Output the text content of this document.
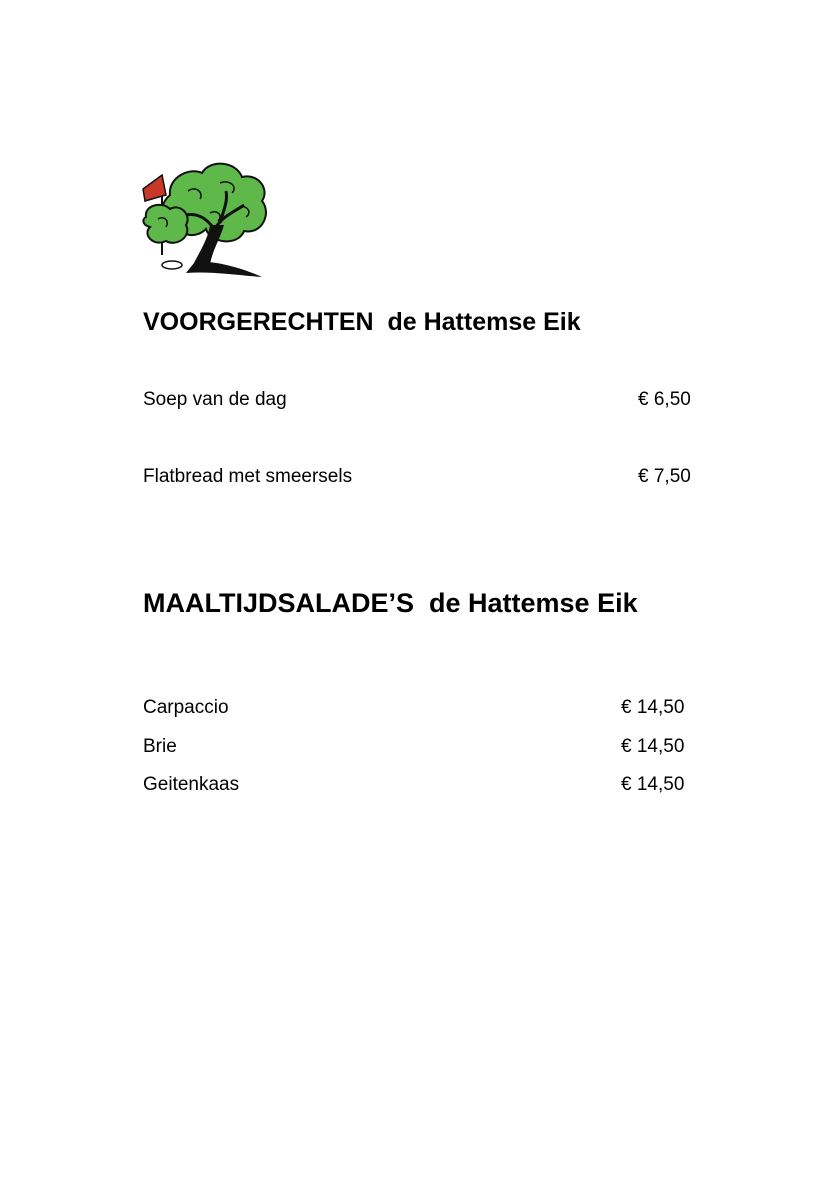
VOORGERECHTEN  de Hattemse Eik
Soep van de dag	€ 6,50
Flatbread met smeersels	€ 7,50
MAALTIJDSALADE’S  de Hattemse Eik
Carpaccio	€ 14,50
Brie	€ 14,50
Geitenkaas	€ 14,50
